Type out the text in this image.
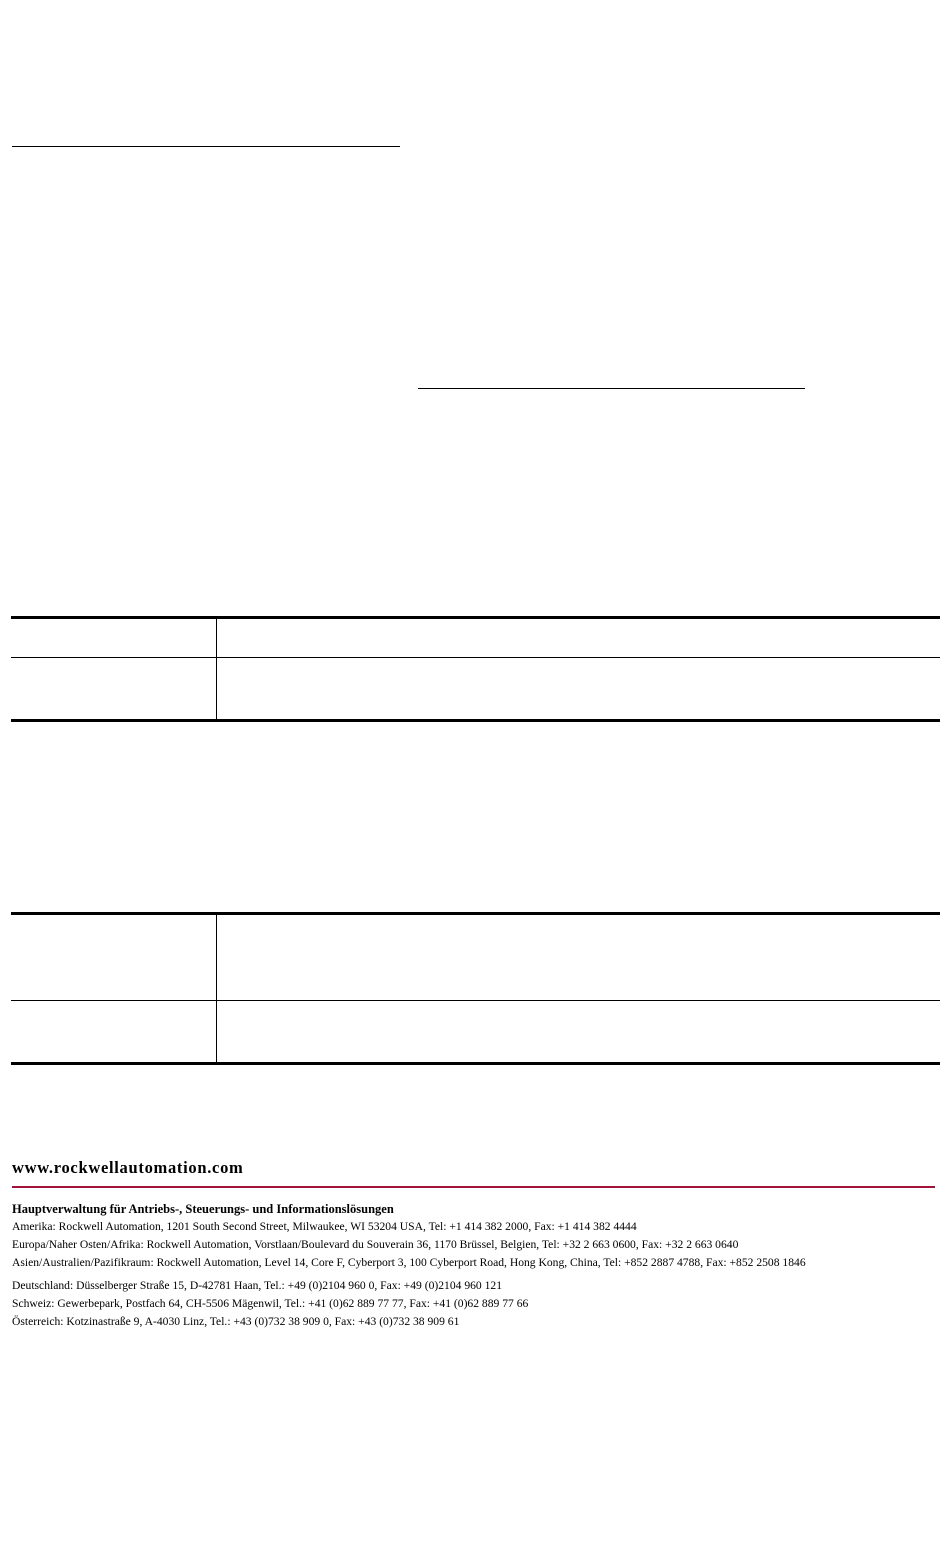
www.rockwellautomation.com
Hauptverwaltung für Antriebs-, Steuerungs- und Informationslösungen
Amerika: Rockwell Automation, 1201 South Second Street, Milwaukee, WI 53204 USA, Tel: +1 414 382 2000, Fax: +1 414 382 4444
Europa/Naher Osten/Afrika: Rockwell Automation, Vorstlaan/Boulevard du Souverain 36, 1170 Brüssel, Belgien, Tel: +32 2 663 0600, Fax: +32 2 663 0640
Asien/Australien/Pazifikraum: Rockwell Automation, Level 14, Core F, Cyberport 3, 100 Cyberport Road, Hong Kong, China, Tel: +852 2887 4788, Fax: +852 2508 1846
Deutschland: Düsselberger Straße 15, D-42781 Haan, Tel.: +49 (0)2104 960 0, Fax: +49 (0)2104 960 121
Schweiz: Gewerbepark, Postfach 64, CH-5506 Mägenwil, Tel.: +41 (0)62 889 77 77, Fax: +41 (0)62 889 77 66
Österreich: Kotzinastraße 9, A-4030 Linz, Tel.: +43 (0)732 38 909 0, Fax: +43 (0)732 38 909 61
